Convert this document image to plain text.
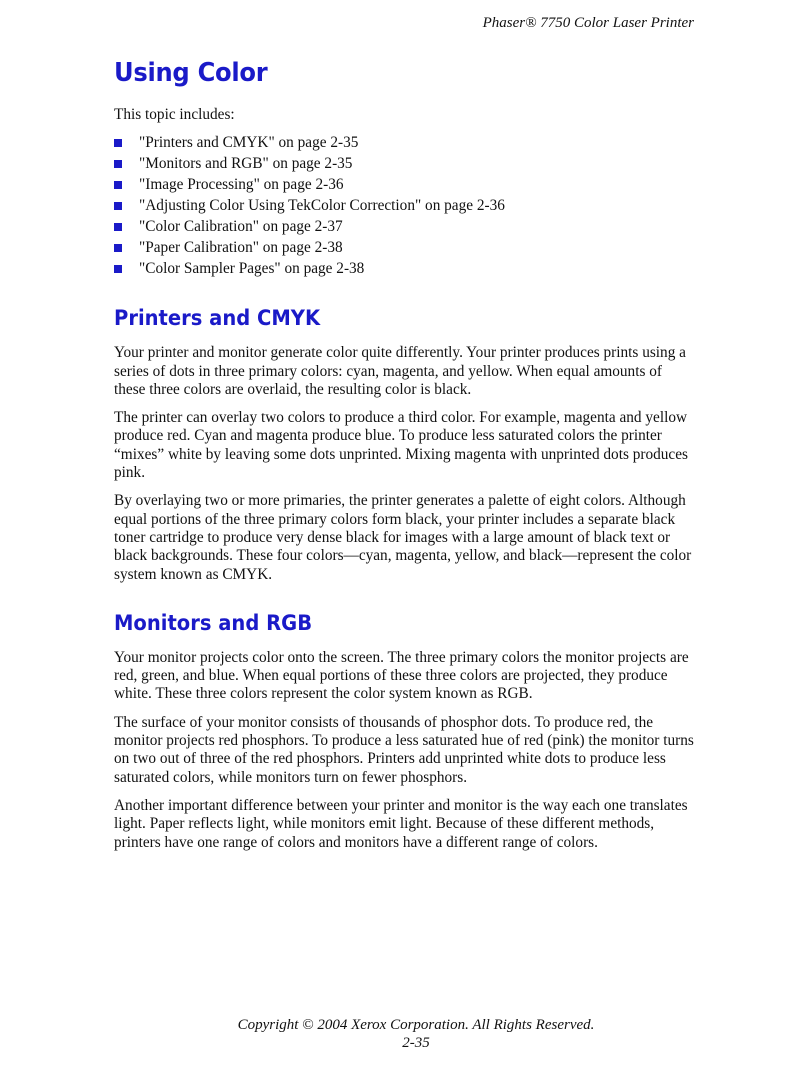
Phaser® 7750 Color Laser Printer
Using Color

This topic includes:

"Printers and CMYK" on page 2-35
"Monitors and RGB" on page 2-35
"Image Processing" on page 2-36
"Adjusting Color Using TekColor Correction" on page 2-36
"Color Calibration" on page 2-37
"Paper Calibration" on page 2-38
"Color Sampler Pages" on page 2-38
Printers and CMYK

Your printer and monitor generate color quite differently. Your printer produces prints using a series of dots in three primary colors: cyan, magenta, and yellow. When equal amounts of these three colors are overlaid, the resulting color is black.

The printer can overlay two colors to produce a third color. For example, magenta and yellow produce red. Cyan and magenta produce blue. To produce less saturated colors the printer “mixes” white by leaving some dots unprinted. Mixing magenta with unprinted dots produces pink.

By overlaying two or more primaries, the printer generates a palette of eight colors. Although equal portions of the three primary colors form black, your printer includes a separate black toner cartridge to produce very dense black for images with a large amount of black text or black backgrounds. These four colors—cyan, magenta, yellow, and black—represent the color system known as CMYK.

Monitors and RGB

Your monitor projects color onto the screen. The three primary colors the monitor projects are red, green, and blue. When equal portions of these three colors are projected, they produce white. These three colors represent the color system known as RGB.

The surface of your monitor consists of thousands of phosphor dots. To produce red, the monitor projects red phosphors. To produce a less saturated hue of red (pink) the monitor turns on two out of three of the red phosphors. Printers add unprinted white dots to produce less saturated colors, while monitors turn on fewer phosphors.

Another important difference between your printer and monitor is the way each one translates light. Paper reflects light, while monitors emit light. Because of these different methods, printers have one range of colors and monitors have a different range of colors.

Copyright © 2004 Xerox Corporation. All Rights Reserved.
2-35
